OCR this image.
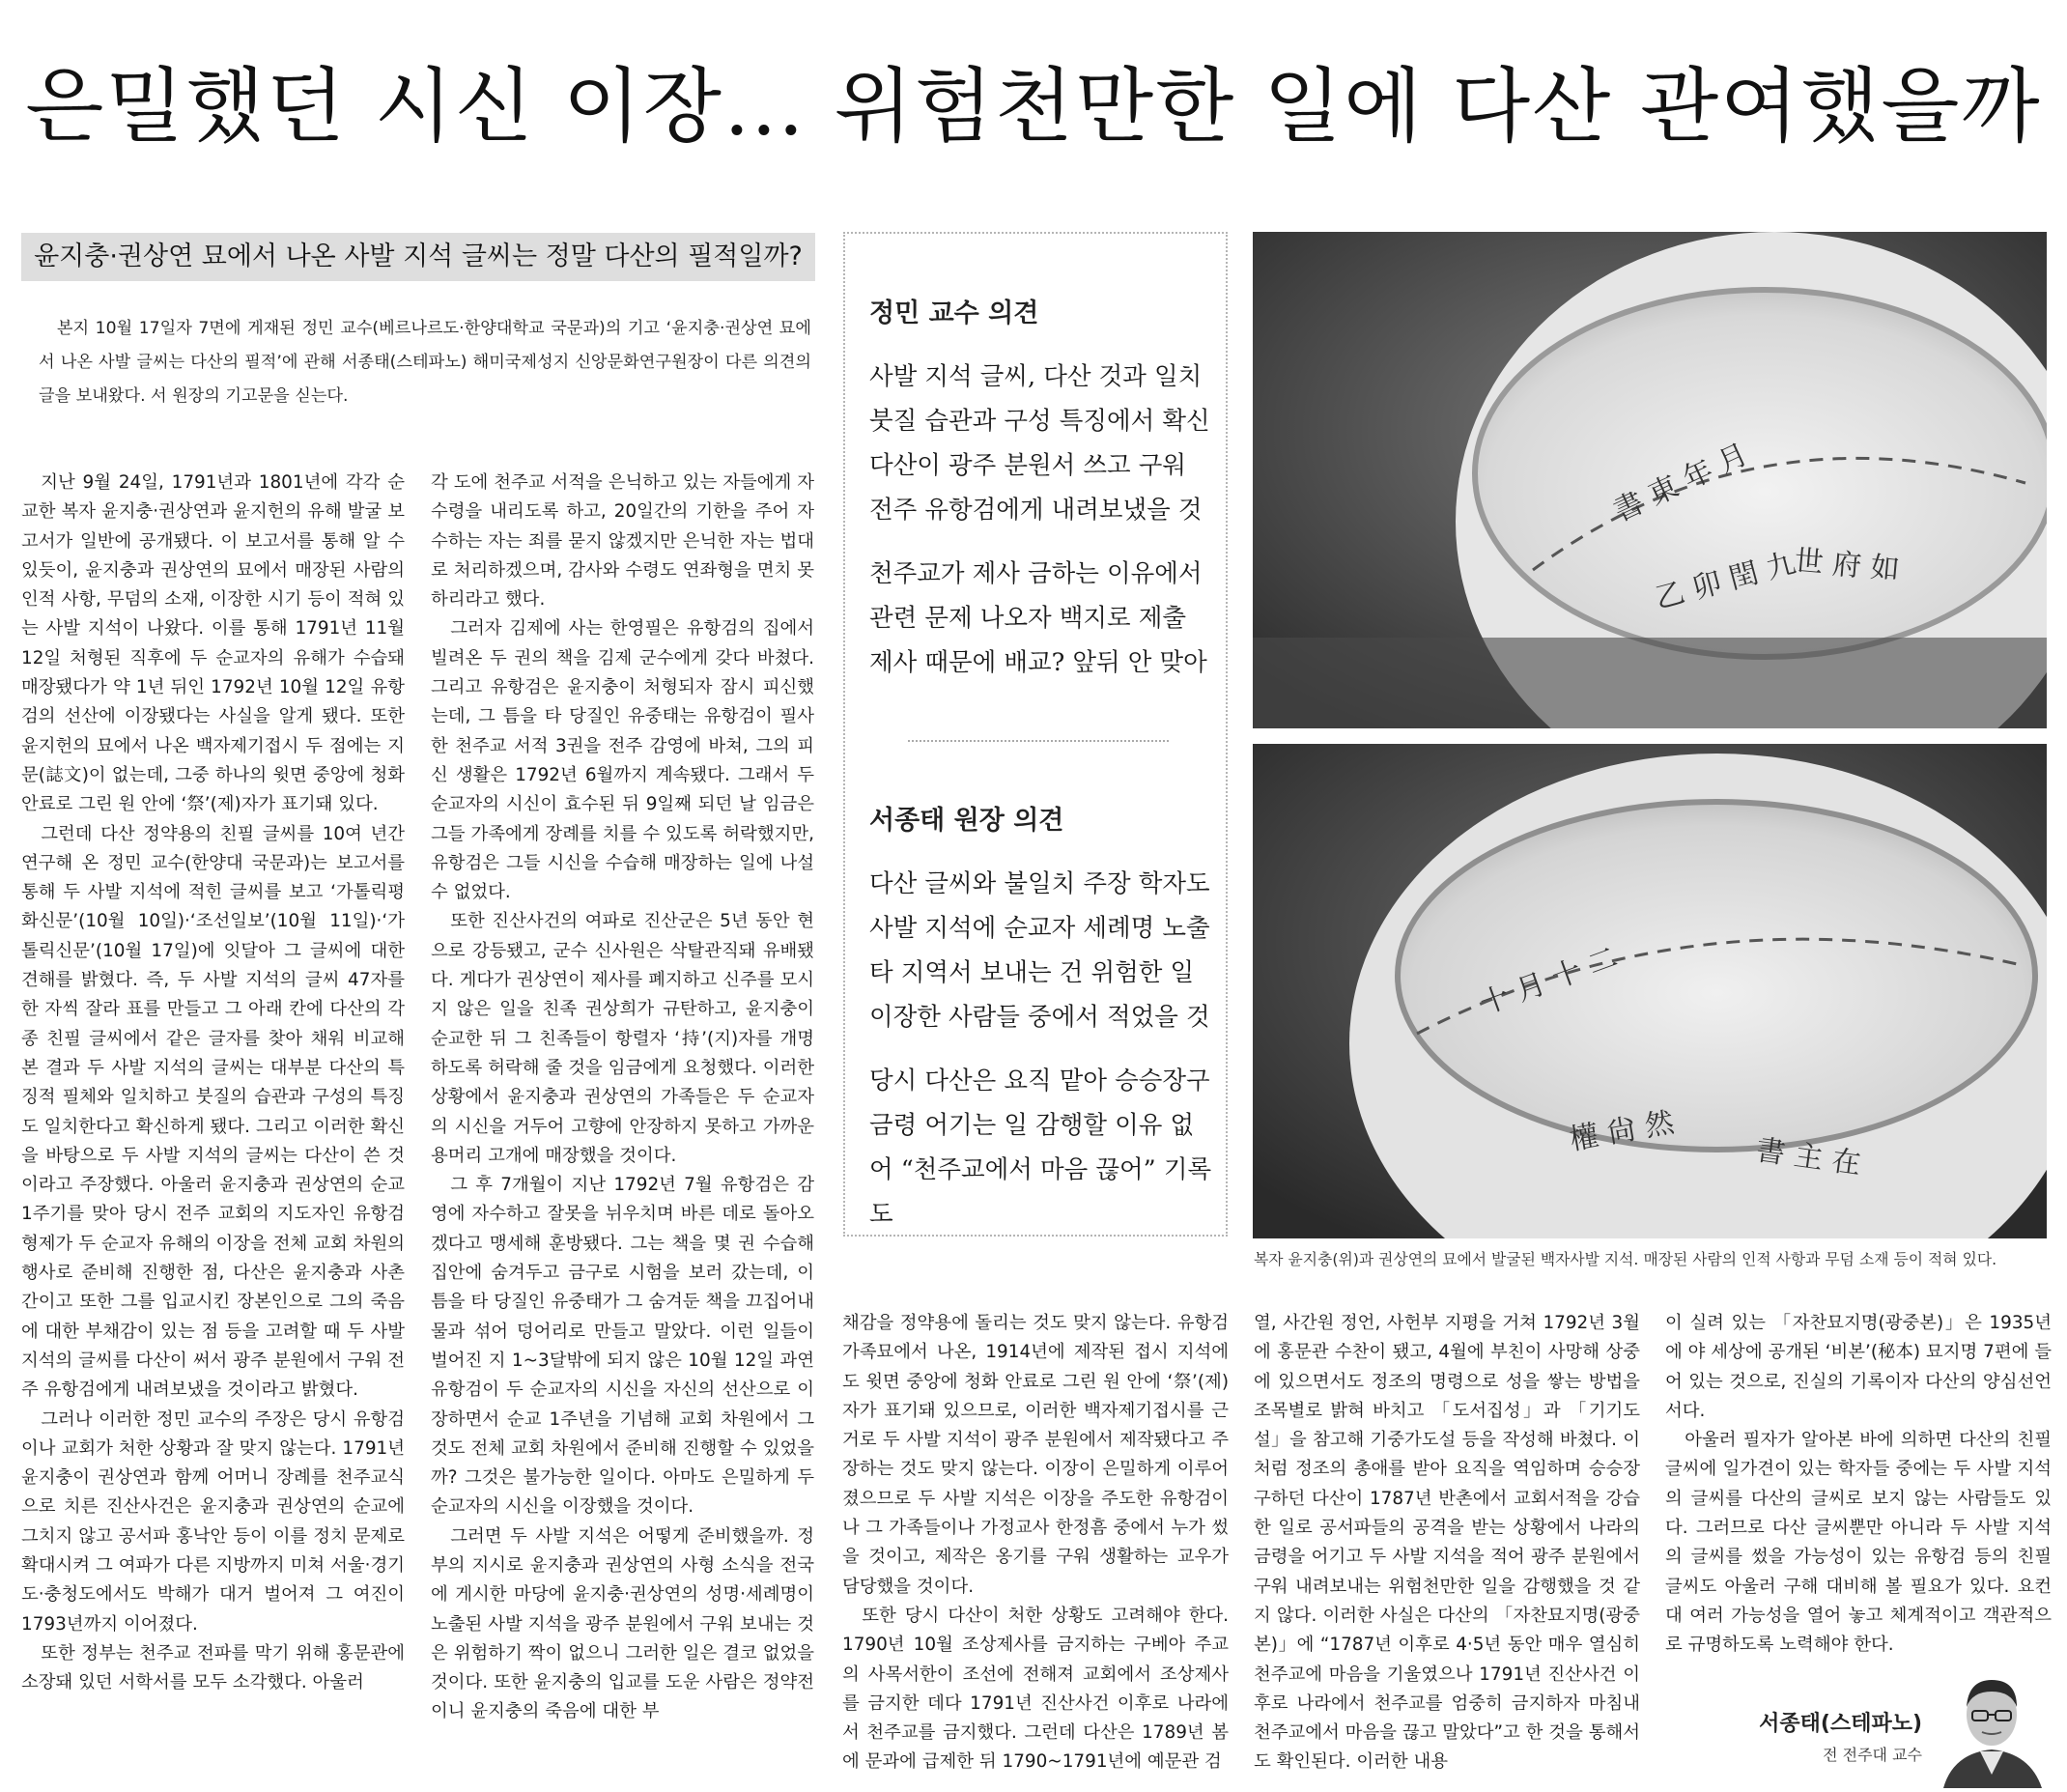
은밀했던 시신 이장… 위험천만한 일에 다산 관여했을까
윤지충·권상연 묘에서 나온 사발 지석 글씨는 정말 다산의 필적일까?
본지 10월 17일자 7면에 게재된 정민 교수(베르나르도·한양대학교 국문과)의 기고 ‘윤지충·권상연 묘에서 나온 사발 글씨는 다산의 필적’에 관해 서종태(스테파노) 해미국제성지 신앙문화연구원장이 다른 의견의 글을 보내왔다. 서 원장의 기고문을 싣는다.

지난 9월 24일, 1791년과 1801년에 각각 순교한 복자 윤지충·권상연과 윤지헌의 유해 발굴 보고서가 일반에 공개됐다. 이 보고서를 통해 알 수 있듯이, 윤지충과 권상연의 묘에서 매장된 사람의 인적 사항, 무덤의 소재, 이장한 시기 등이 적혀 있는 사발 지석이 나왔다. 이를 통해 1791년 11월 12일 처형된 직후에 두 순교자의 유해가 수습돼 매장됐다가 약 1년 뒤인 1792년 10월 12일 유항검의 선산에 이장됐다는 사실을 알게 됐다. 또한 윤지헌의 묘에서 나온 백자제기접시 두 점에는 지문(誌文)이 없는데, 그중 하나의 윗면 중앙에 청화 안료로 그린 원 안에 ‘祭’(제)자가 표기돼 있다.

그런데 다산 정약용의 친필 글씨를 10여 년간 연구해 온 정민 교수(한양대 국문과)는 보고서를 통해 두 사발 지석에 적힌 글씨를 보고 ‘가톨릭평화신문’(10월 10일)·‘조선일보’(10월 11일)·‘가톨릭신문’(10월 17일)에 잇달아 그 글씨에 대한 견해를 밝혔다. 즉, 두 사발 지석의 글씨 47자를 한 자씩 잘라 표를 만들고 그 아래 칸에 다산의 각종 친필 글씨에서 같은 글자를 찾아 채워 비교해 본 결과 두 사발 지석의 글씨는 대부분 다산의 특징적 필체와 일치하고 붓질의 습관과 구성의 특징도 일치한다고 확신하게 됐다. 그리고 이러한 확신을 바탕으로 두 사발 지석의 글씨는 다산이 쓴 것이라고 주장했다. 아울러 윤지충과 권상연의 순교 1주기를 맞아 당시 전주 교회의 지도자인 유항검 형제가 두 순교자 유해의 이장을 전체 교회 차원의 행사로 준비해 진행한 점, 다산은 윤지충과 사촌 간이고 또한 그를 입교시킨 장본인으로 그의 죽음에 대한 부채감이 있는 점 등을 고려할 때 두 사발 지석의 글씨를 다산이 써서 광주 분원에서 구워 전주 유항검에게 내려보냈을 것이라고 밝혔다.

그러나 이러한 정민 교수의 주장은 당시 유항검이나 교회가 처한 상황과 잘 맞지 않는다. 1791년 윤지충이 권상연과 함께 어머니 장례를 천주교식으로 치른 진산사건은 윤지충과 권상연의 순교에 그치지 않고 공서파 홍낙안 등이 이를 정치 문제로 확대시켜 그 여파가 다른 지방까지 미쳐 서울·경기도·충청도에서도 박해가 대거 벌어져 그 여진이 1793년까지 이어졌다.

또한 정부는 천주교 전파를 막기 위해 홍문관에 소장돼 있던 서학서를 모두 소각했다. 아울러

각 도에 천주교 서적을 은닉하고 있는 자들에게 자수령을 내리도록 하고, 20일간의 기한을 주어 자수하는 자는 죄를 묻지 않겠지만 은닉한 자는 법대로 처리하겠으며, 감사와 수령도 연좌형을 면치 못하리라고 했다.

그러자 김제에 사는 한영필은 유항검의 집에서 빌려온 두 권의 책을 김제 군수에게 갖다 바쳤다. 그리고 유항검은 윤지충이 처형되자 잠시 피신했는데, 그 틈을 타 당질인 유중태는 유항검이 필사한 천주교 서적 3권을 전주 감영에 바쳐, 그의 피신 생활은 1792년 6월까지 계속됐다. 그래서 두 순교자의 시신이 효수된 뒤 9일째 되던 날 임금은 그들 가족에게 장례를 치를 수 있도록 허락했지만, 유항검은 그들 시신을 수습해 매장하는 일에 나설 수 없었다.

또한 진산사건의 여파로 진산군은 5년 동안 현으로 강등됐고, 군수 신사원은 삭탈관직돼 유배됐다. 게다가 권상연이 제사를 폐지하고 신주를 모시지 않은 일을 친족 권상희가 규탄하고, 윤지충이 순교한 뒤 그 친족들이 항렬자 ‘持’(지)자를 개명하도록 허락해 줄 것을 임금에게 요청했다. 이러한 상황에서 윤지충과 권상연의 가족들은 두 순교자의 시신을 거두어 고향에 안장하지 못하고 가까운 용머리 고개에 매장했을 것이다.

그 후 7개월이 지난 1792년 7월 유항검은 감영에 자수하고 잘못을 뉘우치며 바른 데로 돌아오겠다고 맹세해 훈방됐다. 그는 책을 몇 권 수습해 집안에 숨겨두고 금구로 시험을 보러 갔는데, 이 틈을 타 당질인 유중태가 그 숨겨둔 책을 끄집어내 물과 섞어 덩어리로 만들고 말았다. 이런 일들이 벌어진 지 1~3달밖에 되지 않은 10월 12일 과연 유항검이 두 순교자의 시신을 자신의 선산으로 이장하면서 순교 1주년을 기념해 교회 차원에서 그것도 전체 교회 차원에서 준비해 진행할 수 있었을까? 그것은 불가능한 일이다. 아마도 은밀하게 두 순교자의 시신을 이장했을 것이다.

그러면 두 사발 지석은 어떻게 준비했을까. 정부의 지시로 윤지충과 권상연의 사형 소식을 전국에 게시한 마당에 윤지충·권상연의 성명·세례명이 노출된 사발 지석을 광주 분원에서 구워 보내는 것은 위험하기 짝이 없으니 그러한 일은 결코 없었을 것이다. 또한 윤지충의 입교를 도운 사람은 정약전이니 윤지충의 죽음에 대한 부

정민 교수 의견

사발 지석 글씨, 다산 것과 일치 붓질 습관과 구성 특징에서 확신 다산이 광주 분원서 쓰고 구워 전주 유항검에게 내려보냈을 것

천주교가 제사 금하는 이유에서 관련 문제 나오자 백지로 제출 제사 때문에 배교? 앞뒤 안 맞아

서종태 원장 의견

다산 글씨와 불일치 주장 학자도 사발 지석에 순교자 세례명 노출 타 지역서 보내는 건 위험한 일 이장한 사람들 중에서 적었을 것

당시 다산은 요직 맡아 승승장구 금령 어기는 일 감행할 이유 없어 “천주교에서 마음 끊어” 기록도

書 東 年 月
乙 卯 閏 九
世 府 如
十 月 十 二
權 尙 然
書 主 在
복자 윤지충(위)과 권상연의 묘에서 발굴된 백자사발 지석. 매장된 사람의 인적 사항과 무덤 소재 등이 적혀 있다.

채감을 정약용에 돌리는 것도 맞지 않는다. 유항검 가족묘에서 나온, 1914년에 제작된 접시 지석에도 윗면 중앙에 청화 안료로 그린 원 안에 ‘祭’(제)자가 표기돼 있으므로, 이러한 백자제기접시를 근거로 두 사발 지석이 광주 분원에서 제작됐다고 주장하는 것도 맞지 않는다. 이장이 은밀하게 이루어졌으므로 두 사발 지석은 이장을 주도한 유항검이나 그 가족들이나 가정교사 한정흠 중에서 누가 썼을 것이고, 제작은 옹기를 구워 생활하는 교우가 담당했을 것이다.

또한 당시 다산이 처한 상황도 고려해야 한다. 1790년 10월 조상제사를 금지하는 구베아 주교의 사목서한이 조선에 전해져 교회에서 조상제사를 금지한 데다 1791년 진산사건 이후로 나라에서 천주교를 금지했다. 그런데 다산은 1789년 봄에 문과에 급제한 뒤 1790~1791년에 예문관 검

열, 사간원 정언, 사헌부 지평을 거쳐 1792년 3월에 홍문관 수찬이 됐고, 4월에 부친이 사망해 상중에 있으면서도 정조의 명령으로 성을 쌓는 방법을 조목별로 밝혀 바치고 「도서집성」과 「기기도설」을 참고해 기중가도설 등을 작성해 바쳤다. 이처럼 정조의 총애를 받아 요직을 역임하며 승승장구하던 다산이 1787년 반촌에서 교회서적을 강습한 일로 공서파들의 공격을 받는 상황에서 나라의 금령을 어기고 두 사발 지석을 적어 광주 분원에서 구워 내려보내는 위험천만한 일을 감행했을 것 같지 않다. 이러한 사실은 다산의 「자찬묘지명(광중본)」에 “1787년 이후로 4·5년 동안 매우 열심히 천주교에 마음을 기울였으나 1791년 진산사건 이후로 나라에서 천주교를 엄중히 금지하자 마침내 천주교에서 마음을 끊고 말았다”고 한 것을 통해서도 확인된다. 이러한 내용

이 실려 있는 「자찬묘지명(광중본)」은 1935년에 야 세상에 공개된 ‘비본’(秘本) 묘지명 7편에 들어 있는 것으로, 진실의 기록이자 다산의 양심선언서다.

아울러 필자가 알아본 바에 의하면 다산의 친필 글씨에 일가견이 있는 학자들 중에는 두 사발 지석의 글씨를 다산의 글씨로 보지 않는 사람들도 있다. 그러므로 다산 글씨뿐만 아니라 두 사발 지석의 글씨를 썼을 가능성이 있는 유항검 등의 친필 글씨도 아울러 구해 대비해 볼 필요가 있다. 요컨대 여러 가능성을 열어 놓고 체계적이고 객관적으로 규명하도록 노력해야 한다.

서종태(스테파노)
전 전주대 교수
